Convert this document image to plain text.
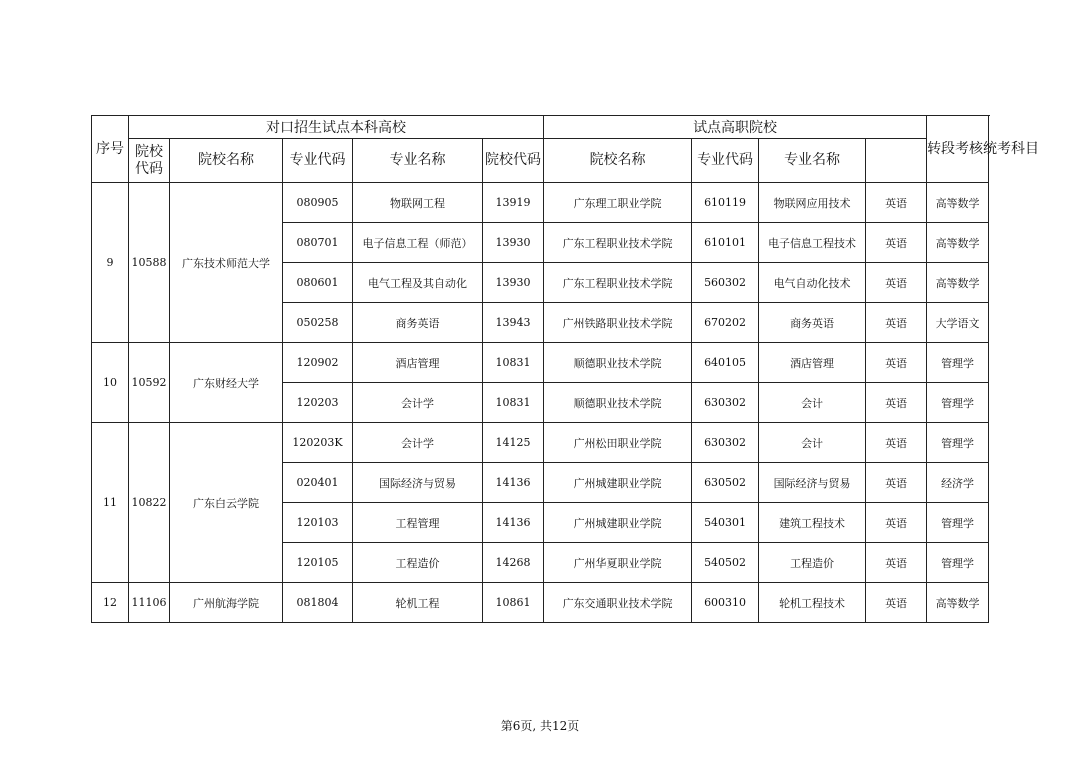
序号	对口招生试点本科高校					试点高职院校				转段考核统考科目
	院校代码	院校名称	专业代码	专业名称	院校代码	院校名称	专业代码	专业名称		
9	10588	广东技术师范大学	080905	物联网工程	13919	广东理工职业学院	610119	物联网应用技术	英语	高等数学
			080701	电子信息工程（师范）	13930	广东工程职业技术学院	610101	电子信息工程技术	英语	高等数学
			080601	电气工程及其自动化	13930	广东工程职业技术学院	560302	电气自动化技术	英语	高等数学
			050258	商务英语	13943	广州铁路职业技术学院	670202	商务英语	英语	大学语文
10	10592	广东财经大学	120902	酒店管理	10831	顺德职业技术学院	640105	酒店管理	英语	管理学
			120203	会计学	10831	顺德职业技术学院	630302	会计	英语	管理学
11	10822	广东白云学院	120203K	会计学	14125	广州松田职业学院	630302	会计	英语	管理学
			020401	国际经济与贸易	14136	广州城建职业学院	630502	国际经济与贸易	英语	经济学
			120103	工程管理	14136	广州城建职业学院	540301	建筑工程技术	英语	管理学
			120105	工程造价	14268	广州华夏职业学院	540502	工程造价	英语	管理学
12	11106	广州航海学院	081804	轮机工程	10861	广东交通职业技术学院	600310	轮机工程技术	英语	高等数学
第6页, 共12页
